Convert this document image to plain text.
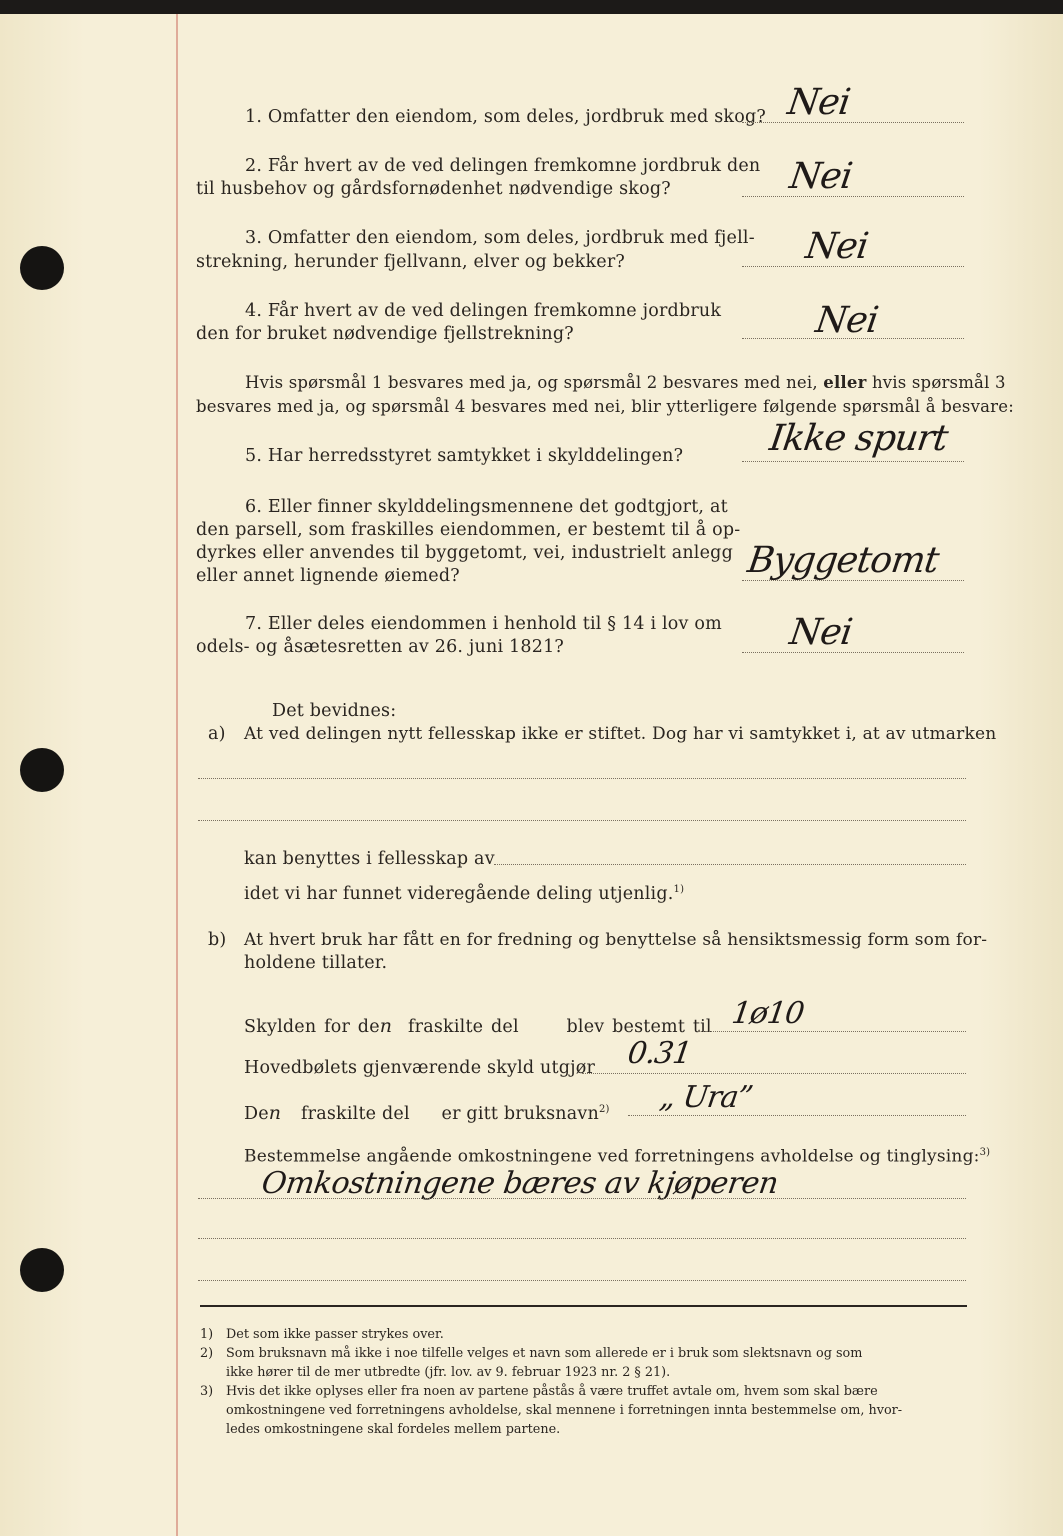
1. Omfatter den eiendom, som deles, jordbruk med skog? Nei
2. Får hvert av de ved delingen fremkomne jordbruk den
til husbehov og gårdsfornødenhet nødvendige skog?	Nei
3. Omfatter den eiendom, som deles, jordbruk med fjell-
strekning, herunder fjellvann, elver og bekker?	Nei
4. Får hvert av de ved delingen fremkomne jordbruk
den for bruket nødvendige fjellstrekning?	Nei
Hvis spørsmål 1 besvares med ja, og spørsmål 2 besvares med nei, eller hvis spørsmål 3
besvares med ja, og spørsmål 4 besvares med nei, blir ytterligere følgende spørsmål å besvare:
5. Har herredsstyret samtykket i skylddelingen? Ikke spurt
6. Eller finner skylddelingsmennene det godtgjort, at
den parsell, som fraskilles eiendommen, er bestemt til å op-
dyrkes eller anvendes til byggetomt, vei, industrielt anlegg
eller annet lignende øiemed?	Byggetomt
7. Eller deles eiendommen i henhold til § 14 i lov om
odels- og åsætesretten av 26. juni 1821?	Nei
Det bevidnes:
a) At ved delingen nytt fellesskap ikke er stiftet. Dog har vi samtykket i, at av utmarken
kan benyttes i fellesskap av
idet vi har funnet videregående deling utjenlig.$^{1)}$
b) At hvert bruk har fått en for fredning og benyttelse så hensiktsmessig form som for-
holdene tillater.
Skylden for den fraskilte del	blev bestemt til 1ø10
Hovedbølets gjenværende skyld utgjør 0.31
Den fraskilte del er gitt bruksnavn$^{2)}$ „ Ura”
Bestemmelse angående omkostningene ved forretningens avholdelse og tinglysing:$^{3)}$
Omkostningene bæres av kjøperen
1) Det som ikke passer strykes over.
2) Som bruksnavn må ikke i noe tilfelle velges et navn som allerede er i bruk som slektsnavn og som
ikke hører til de mer utbredte (jfr. lov. av 9. februar 1923 nr. 2 § 21).
3) Hvis det ikke oplyses eller fra noen av partene påstås å være truffet avtale om, hvem som skal bære
omkostningene ved forretningens avholdelse, skal mennene i forretningen innta bestemmelse om, hvor-
ledes omkostningene skal fordeles mellem partene.
